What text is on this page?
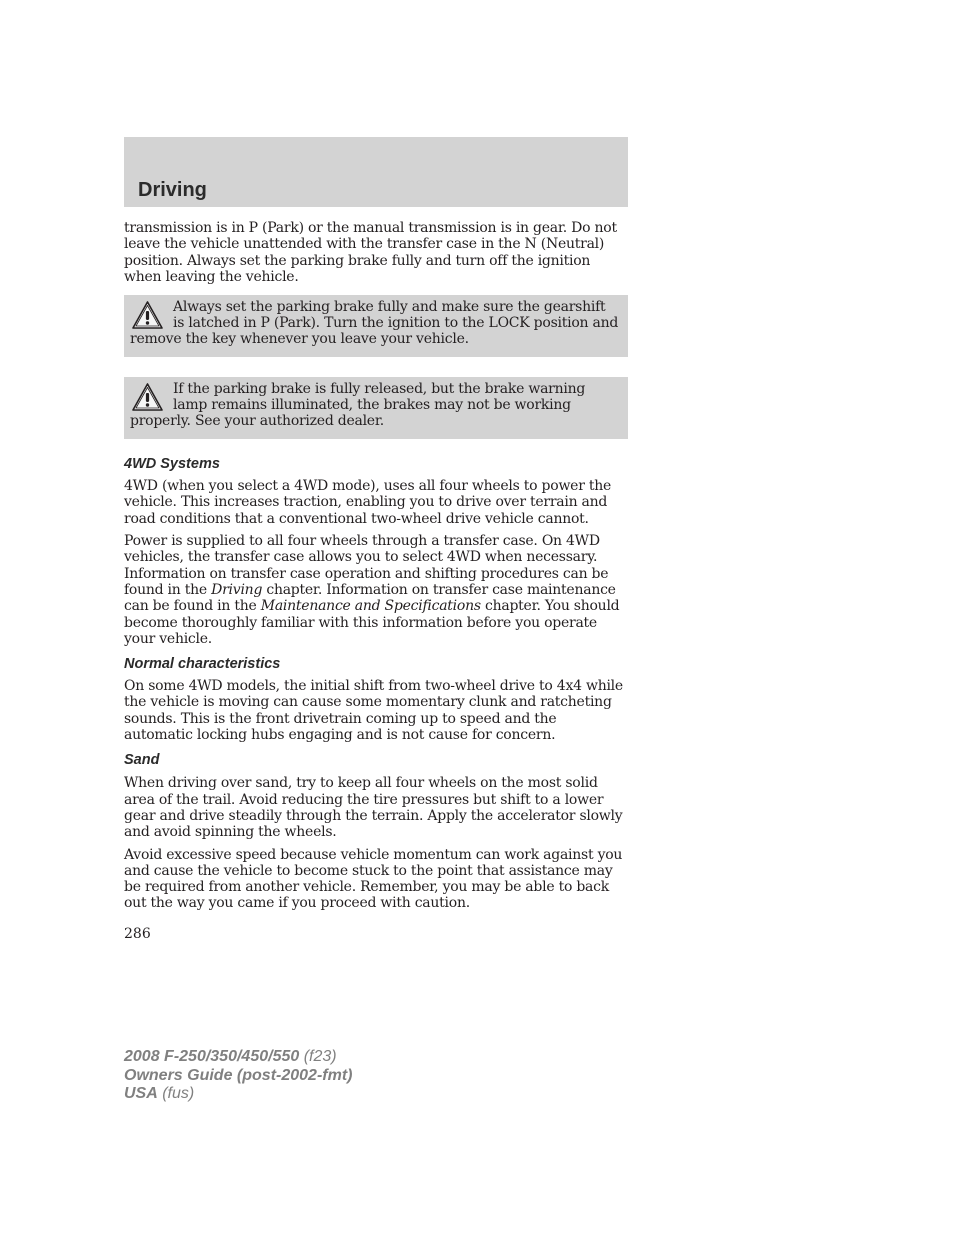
Driving

transmission is in P (Park) or the manual transmission is in gear. Do not leave the vehicle unattended with the transfer case in the N (Neutral) position. Always set the parking brake fully and turn off the ignition when leaving the vehicle.

Always set the parking brake fully and make sure the gearshift is latched in P (Park). Turn the ignition to the LOCK position and remove the key whenever you leave your vehicle.
If the parking brake is fully released, but the brake warning lamp remains illuminated, the brakes may not be working properly. See your authorized dealer.
4WD Systems

4WD (when you select a 4WD mode), uses all four wheels to power the vehicle. This increases traction, enabling you to drive over terrain and road conditions that a conventional two-wheel drive vehicle cannot.

Power is supplied to all four wheels through a transfer case. On 4WD vehicles, the transfer case allows you to select 4WD when necessary. Information on transfer case operation and shifting procedures can be found in the Driving chapter. Information on transfer case maintenance can be found in the Maintenance and Specifications chapter. You should become thoroughly familiar with this information before you operate your vehicle.

Normal characteristics

On some 4WD models, the initial shift from two-wheel drive to 4x4 while the vehicle is moving can cause some momentary clunk and ratcheting sounds. This is the front drivetrain coming up to speed and the automatic locking hubs engaging and is not cause for concern.

Sand

When driving over sand, try to keep all four wheels on the most solid area of the trail. Avoid reducing the tire pressures but shift to a lower gear and drive steadily through the terrain. Apply the accelerator slowly and avoid spinning the wheels.

Avoid excessive speed because vehicle momentum can work against you and cause the vehicle to become stuck to the point that assistance may be required from another vehicle. Remember, you may be able to back out the way you came if you proceed with caution.

286
2008 F-250/350/450/550 (f23)
Owners Guide (post-2002-fmt)
USA (fus)
